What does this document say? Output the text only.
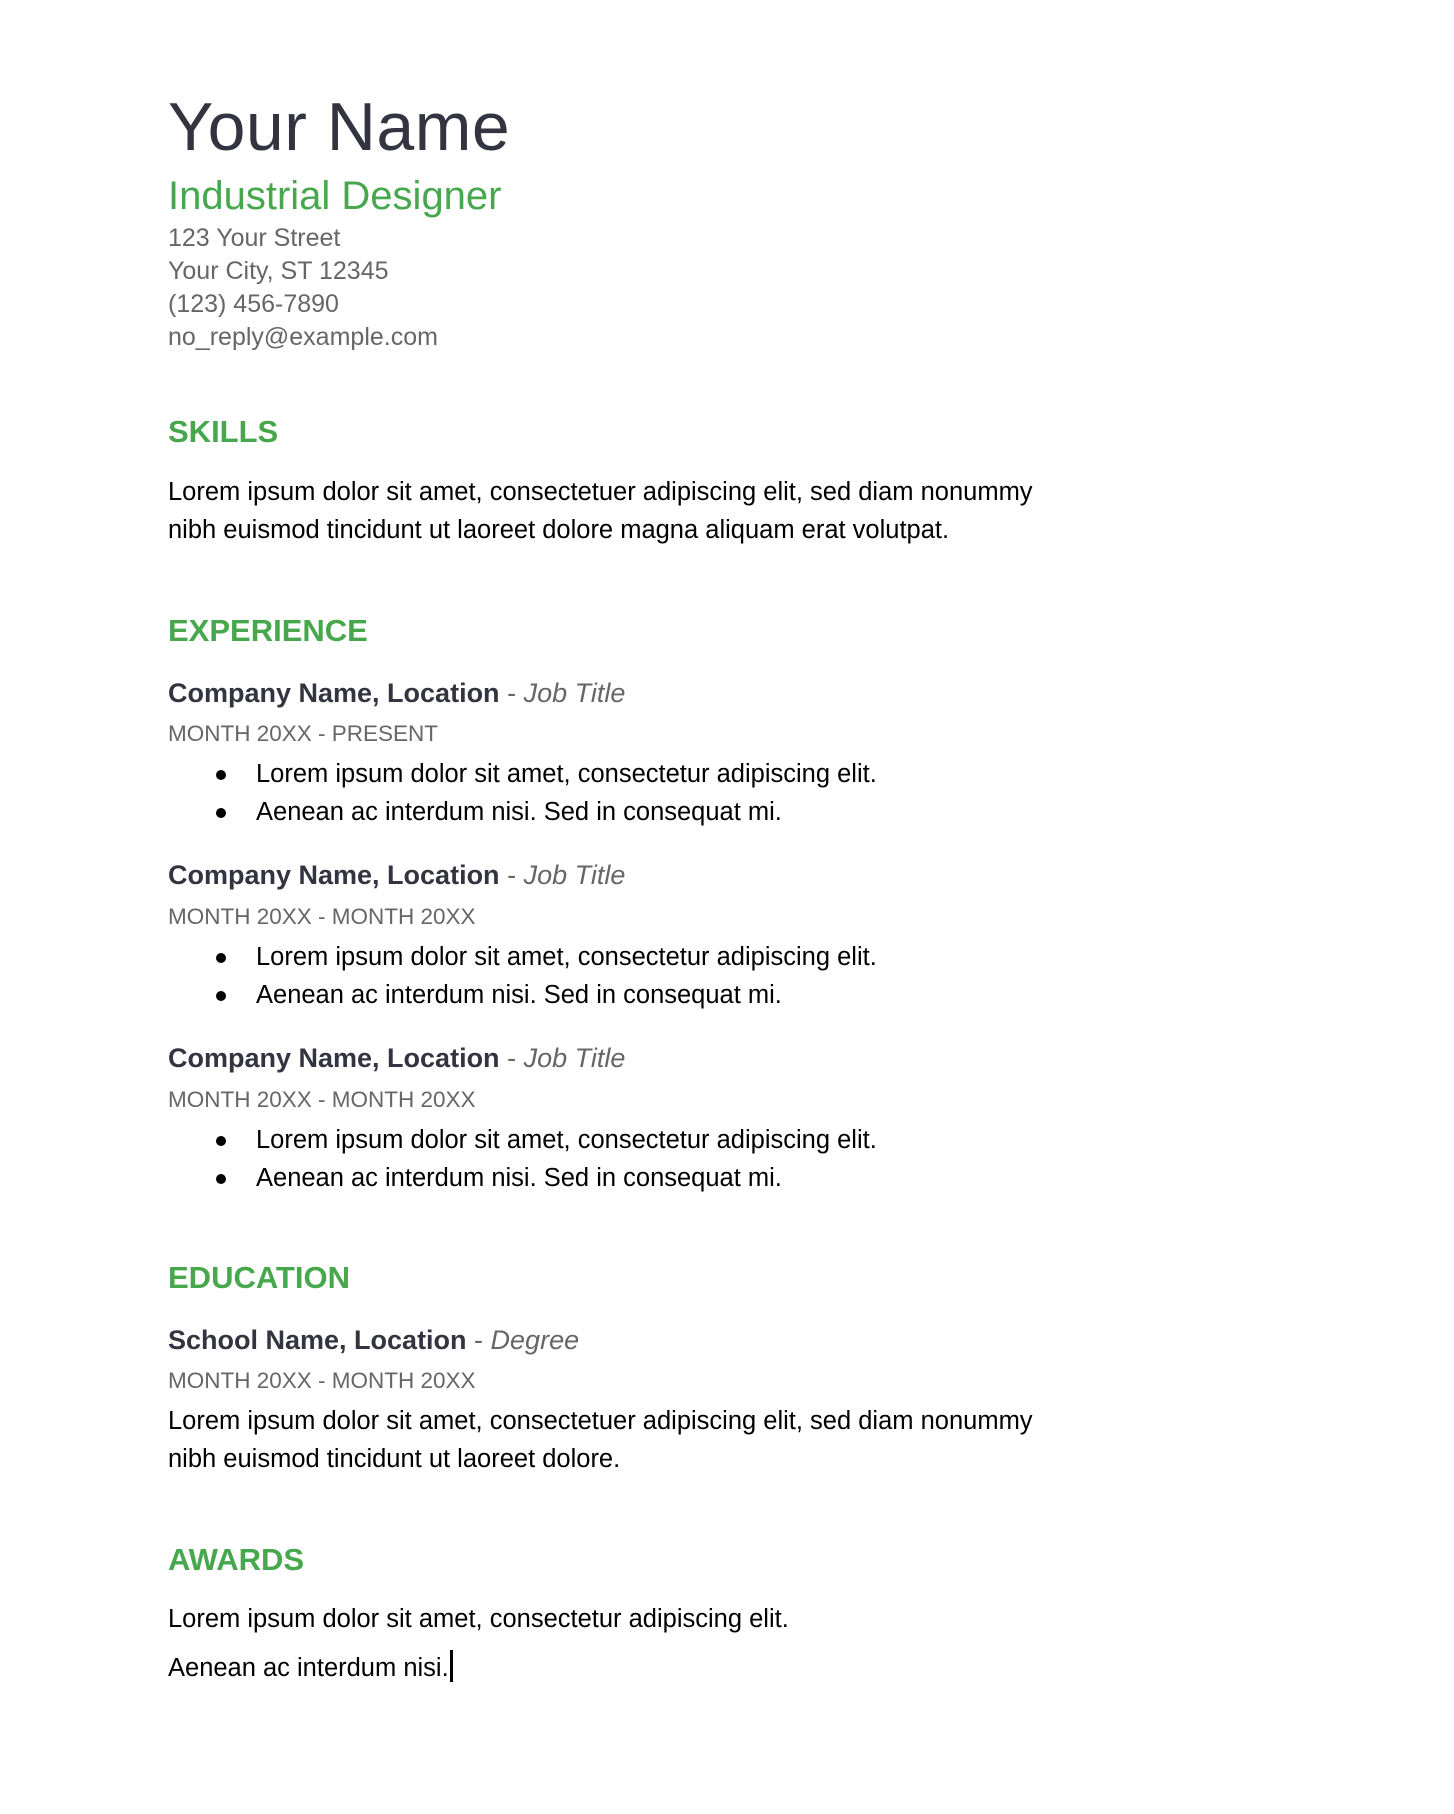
Your Name
Industrial Designer
123 Your Street
Your City, ST 12345
(123) 456-7890
no_reply@example.com
SKILLS
Lorem ipsum dolor sit amet, consectetuer adipiscing elit, sed diam nonummy
nibh euismod tincidunt ut laoreet dolore magna aliquam erat volutpat.
EXPERIENCE
Company Name, Location - Job Title
MONTH 20XX - PRESENT
Lorem ipsum dolor sit amet, consectetur adipiscing elit.
Aenean ac interdum nisi. Sed in consequat mi.
Company Name, Location - Job Title
MONTH 20XX - MONTH 20XX
Lorem ipsum dolor sit amet, consectetur adipiscing elit.
Aenean ac interdum nisi. Sed in consequat mi.
Company Name, Location - Job Title
MONTH 20XX - MONTH 20XX
Lorem ipsum dolor sit amet, consectetur adipiscing elit.
Aenean ac interdum nisi. Sed in consequat mi.
EDUCATION
School Name, Location - Degree
MONTH 20XX - MONTH 20XX
Lorem ipsum dolor sit amet, consectetuer adipiscing elit, sed diam nonummy
nibh euismod tincidunt ut laoreet dolore.
AWARDS
Lorem ipsum dolor sit amet, consectetur adipiscing elit.
Aenean ac interdum nisi.
